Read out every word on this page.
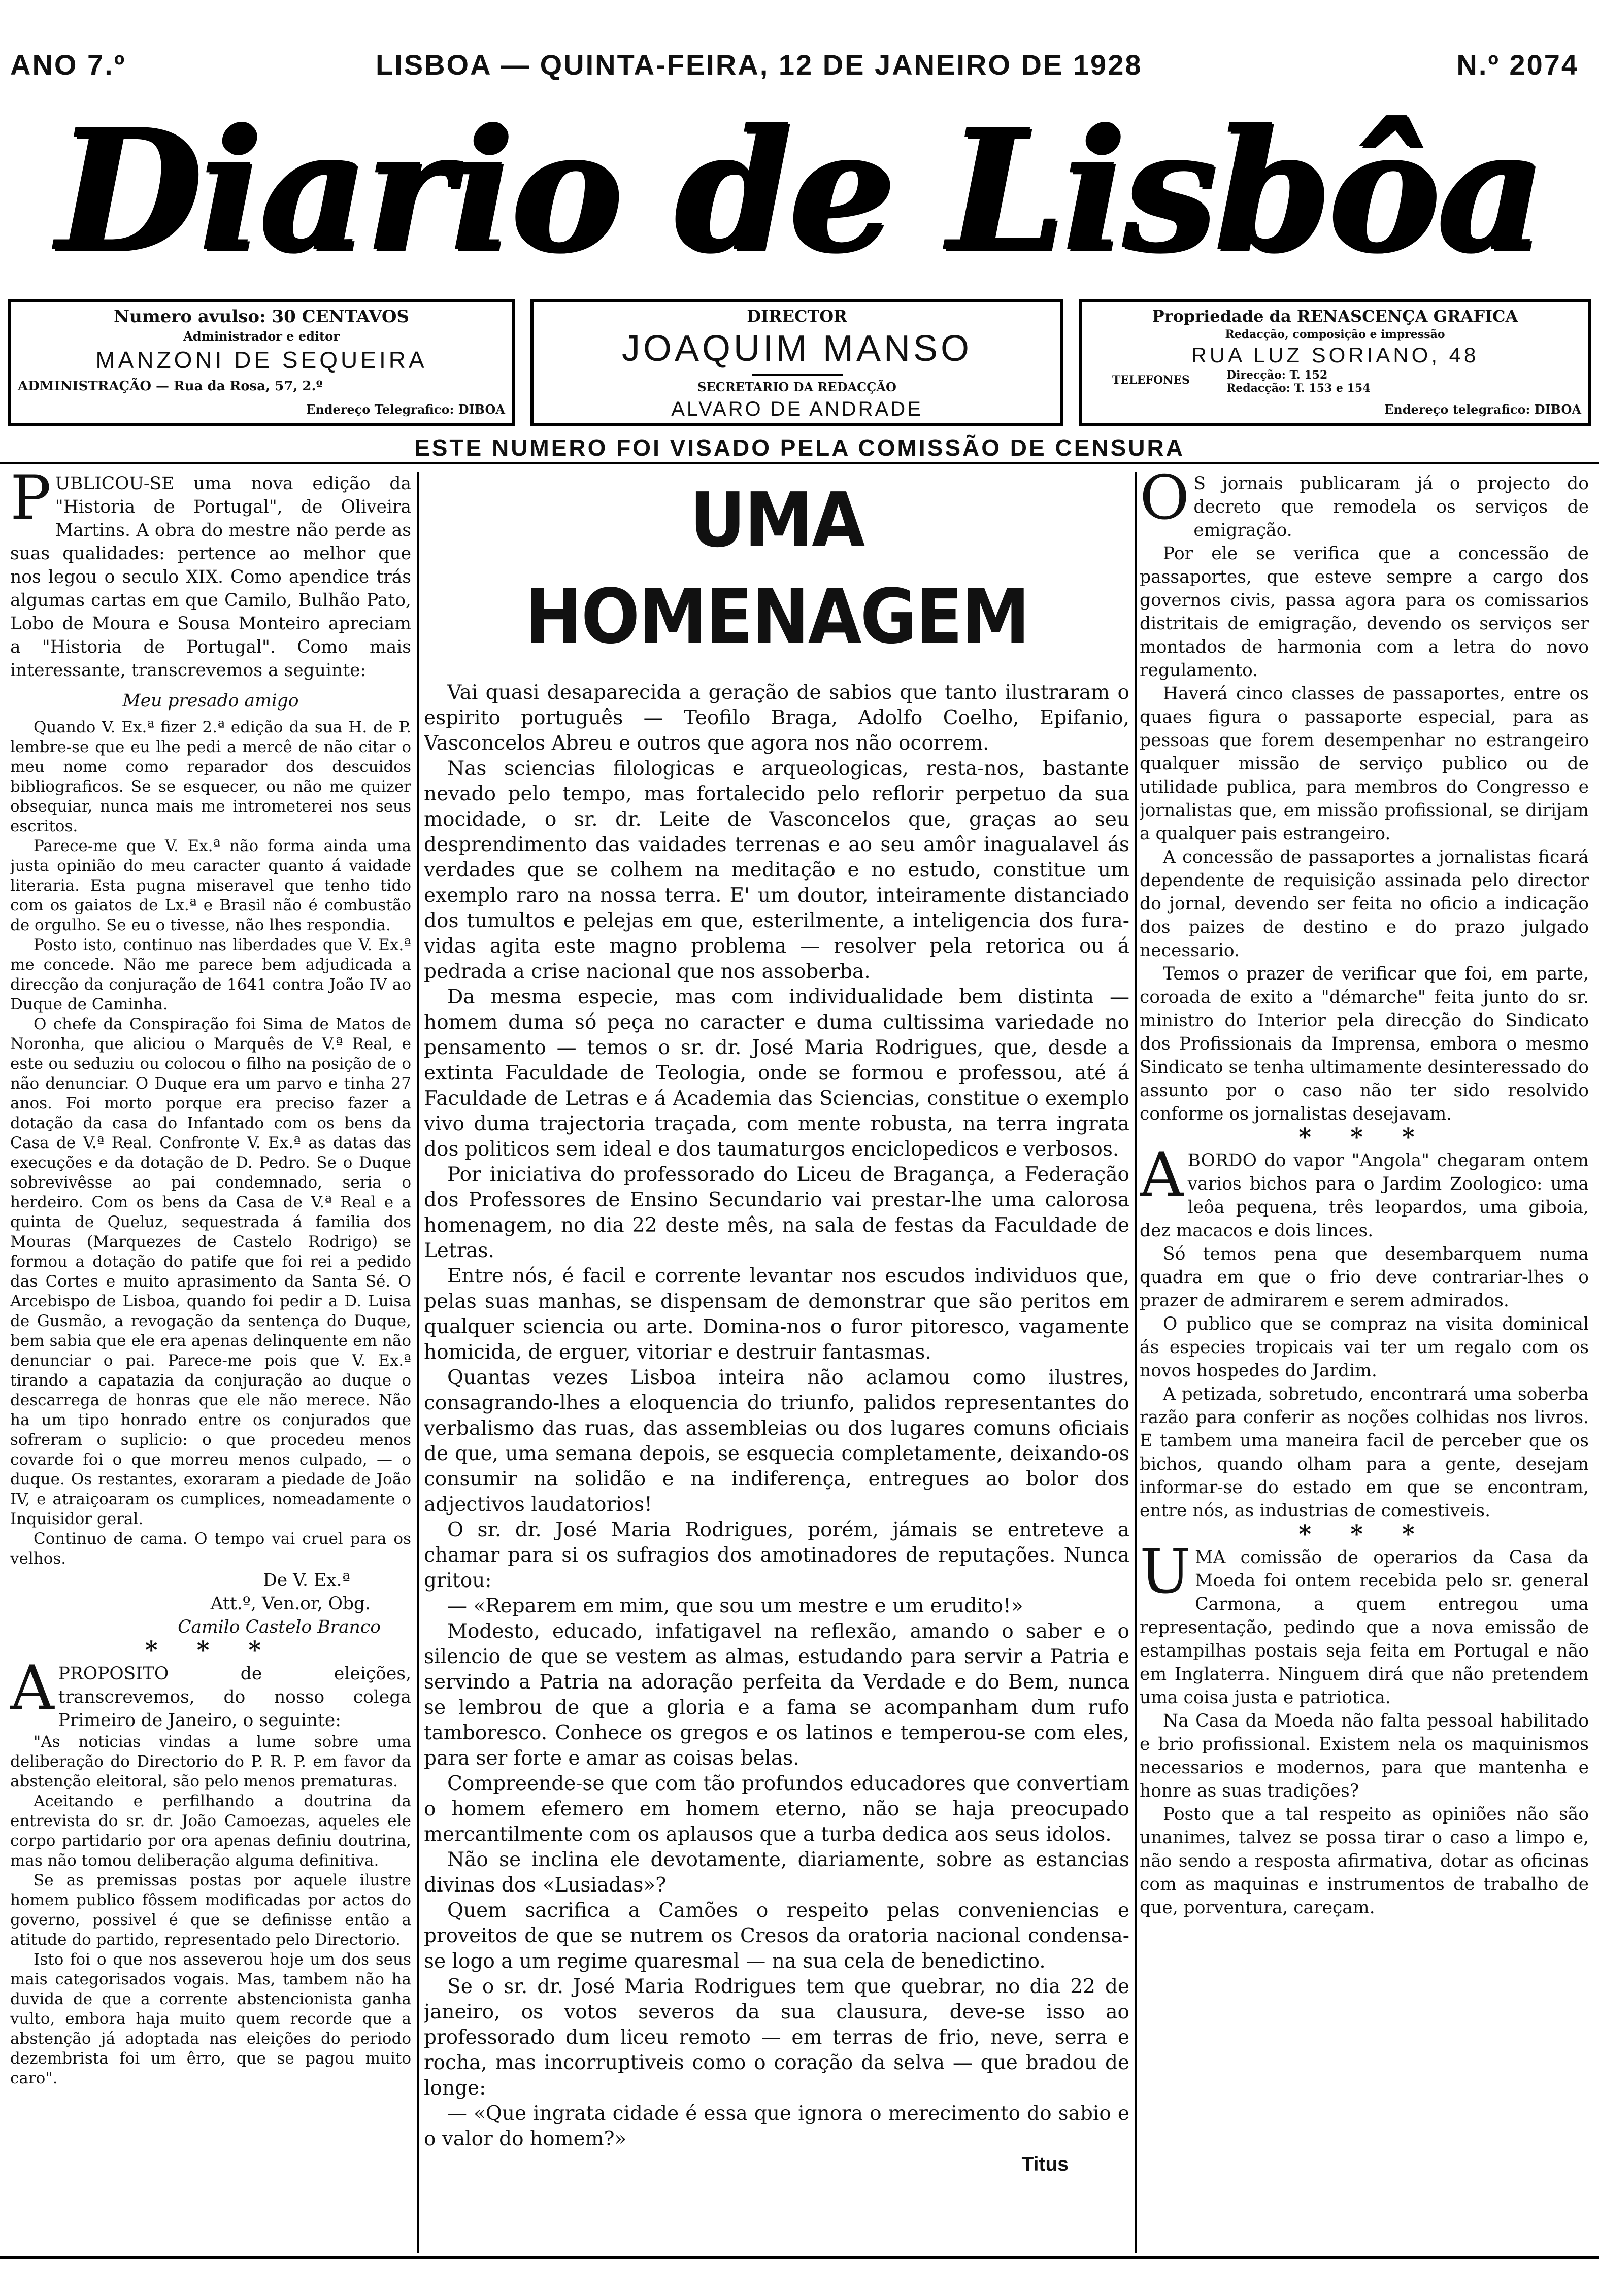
ANO 7.º	LISBOA — QUINTA-FEIRA, 12 DE JANEIRO DE 1928	N.º 2074
Diario de Lisbôa
Numero avulso: 30 CENTAVOS
Administrador e editor
MANZONI DE SEQUEIRA
ADMINISTRAÇÃO — Rua da Rosa, 57, 2.º
Endereço Telegrafico: DIBOA
DIRECTOR
JOAQUIM MANSO
SECRETARIO DA REDACÇÃO
ALVARO DE ANDRADE
Propriedade da RENASCENÇA GRAFICA
Redacção, composição e impressão
RUA LUZ SORIANO, 48
TELEFONES	Direcção: T. 152
Redacção: T. 153 e 154
Endereço telegrafico: DIBOA
ESTE NUMERO FOI VISADO PELA COMISSÃO DE CENSURA

PUBLICOU-SE uma nova edição da "Historia de Portugal", de Oliveira Martins. A obra do mestre não perde as suas qualidades: pertence ao melhor que nos legou o seculo XIX. Como apendice trás algumas cartas em que Camilo, Bulhão Pato, Lobo de Moura e Sousa Monteiro apreciam a "Historia de Portugal". Como mais interessante, transcrevemos a seguinte:

Meu presado amigo

Quando V. Ex.ª fizer 2.ª edição da sua H. de P. lembre-se que eu lhe pedi a mercê de não citar o meu nome como reparador dos descuidos bibliograficos. Se se esquecer, ou não me quizer obsequiar, nunca mais me intrometerei nos seus escritos.

Parece-me que V. Ex.ª não forma ainda uma justa opinião do meu caracter quanto á vaidade literaria. Esta pugna miseravel que tenho tido com os gaiatos de Lx.ª e Brasil não é combustão de orgulho. Se eu o tivesse, não lhes respondia.

Posto isto, continuo nas liberdades que V. Ex.ª me concede. Não me parece bem adjudicada a direcção da conjuração de 1641 contra João IV ao Duque de Caminha.

O chefe da Conspiração foi Sima de Matos de Noronha, que aliciou o Marquês de V.ª Real, e este ou seduziu ou colocou o filho na posição de o não denunciar. O Duque era um parvo e tinha 27 anos. Foi morto porque era preciso fazer a dotação da casa do Infantado com os bens da Casa de V.ª Real. Confronte V. Ex.ª as datas das execuções e da dotação de D. Pedro. Se o Duque sobrevivêsse ao pai condemnado, seria o herdeiro. Com os bens da Casa de V.ª Real e a quinta de Queluz, sequestrada á familia dos Mouras (Marquezes de Castelo Rodrigo) se formou a dotação do patife que foi rei a pedido das Cortes e muito aprasimento da Santa Sé. O Arcebispo de Lisboa, quando foi pedir a D. Luisa de Gusmão, a revogação da sentença do Duque, bem sabia que ele era apenas delinquente em não denunciar o pai. Parece-me pois que V. Ex.ª tirando a capatazia da conjuração ao duque o descarrega de honras que ele não merece. Não ha um tipo honrado entre os conjurados que sofreram o suplicio: o que procedeu menos covarde foi o que morreu menos culpado, — o duque. Os restantes, exoraram a piedade de João IV, e atraiçoaram os cumplices, nomeadamente o Inquisidor geral.

Continuo de cama. O tempo vai cruel para os velhos.

De V. Ex.ª

Att.º, Ven.or, Obg.

Camilo Castelo Branco

* * *

APROPOSITO de eleições, transcrevemos, do nosso colega Primeiro de Janeiro, o seguinte:

"As noticias vindas a lume sobre uma deliberação do Directorio do P. R. P. em favor da abstenção eleitoral, são pelo menos prematuras.

Aceitando e perfilhando a doutrina da entrevista do sr. dr. João Camoezas, aqueles ele corpo partidario por ora apenas definiu doutrina, mas não tomou deliberação alguma definitiva.

Se as premissas postas por aquele ilustre homem publico fôssem modificadas por actos do governo, possivel é que se definisse então a atitude do partido, representado pelo Directorio.

Isto foi o que nos asseverou hoje um dos seus mais categorisados vogais. Mas, tambem não ha duvida de que a corrente abstencionista ganha vulto, embora haja muito quem recorde que a abstenção já adoptada nas eleições do periodo dezembrista foi um êrro, que se pagou muito caro".

UMA HOMENAGEM

Vai quasi desaparecida a geração de sabios que tanto ilustraram o espirito português — Teofilo Braga, Adolfo Coelho, Epifanio, Vasconcelos Abreu e outros que agora nos não ocorrem.

Nas sciencias filologicas e arqueologicas, resta-nos, bastante nevado pelo tempo, mas fortalecido pelo reflorir perpetuo da sua mocidade, o sr. dr. Leite de Vasconcelos que, graças ao seu desprendimento das vaidades terrenas e ao seu amôr inagualavel ás verdades que se colhem na meditação e no estudo, constitue um exemplo raro na nossa terra. E' um doutor, inteiramente distanciado dos tumultos e pelejas em que, esterilmente, a inteligencia dos fura-vidas agita este magno problema — resolver pela retorica ou á pedrada a crise nacional que nos assoberba.

Da mesma especie, mas com individualidade bem distinta — homem duma só peça no caracter e duma cultissima variedade no pensamento — temos o sr. dr. José Maria Rodrigues, que, desde a extinta Faculdade de Teologia, onde se formou e professou, até á Faculdade de Letras e á Academia das Sciencias, constitue o exemplo vivo duma trajectoria traçada, com mente robusta, na terra ingrata dos politicos sem ideal e dos taumaturgos enciclopedicos e verbosos.

Por iniciativa do professorado do Liceu de Bragança, a Federação dos Professores de Ensino Secundario vai prestar-lhe uma calorosa homenagem, no dia 22 deste mês, na sala de festas da Faculdade de Letras.

Entre nós, é facil e corrente levantar nos escudos individuos que, pelas suas manhas, se dispensam de demonstrar que são peritos em qualquer sciencia ou arte. Domina-nos o furor pitoresco, vagamente homicida, de erguer, vitoriar e destruir fantasmas.

Quantas vezes Lisboa inteira não aclamou como ilustres, consagrando-lhes a eloquencia do triunfo, palidos representantes do verbalismo das ruas, das assembleias ou dos lugares comuns oficiais de que, uma semana depois, se esquecia completamente, deixando-os consumir na solidão e na indiferença, entregues ao bolor dos adjectivos laudatorios!

O sr. dr. José Maria Rodrigues, porém, jámais se entreteve a chamar para si os sufragios dos amotinadores de reputações. Nunca gritou:

— «Reparem em mim, que sou um mestre e um erudito!»

Modesto, educado, infatigavel na reflexão, amando o saber e o silencio de que se vestem as almas, estudando para servir a Patria e servindo a Patria na adoração perfeita da Verdade e do Bem, nunca se lembrou de que a gloria e a fama se acompanham dum rufo tamboresco. Conhece os gregos e os latinos e temperou-se com eles, para ser forte e amar as coisas belas.

Compreende-se que com tão profundos educadores que convertiam o homem efemero em homem eterno, não se haja preocupado mercantilmente com os aplausos que a turba dedica aos seus idolos.

Não se inclina ele devotamente, diariamente, sobre as estancias divinas dos «Lusiadas»?

Quem sacrifica a Camões o respeito pelas conveniencias e proveitos de que se nutrem os Cresos da oratoria nacional condensa-se logo a um regime quaresmal — na sua cela de benedictino.

Se o sr. dr. José Maria Rodrigues tem que quebrar, no dia 22 de janeiro, os votos severos da sua clausura, deve-se isso ao professorado dum liceu remoto — em terras de frio, neve, serra e rocha, mas incorruptiveis como o coração da selva — que bradou de longe:

— «Que ingrata cidade é essa que ignora o merecimento do sabio e o valor do homem?»

Titus

O S jornais publicaram já o projecto do decreto que remodela os serviços de emigração.

Por ele se verifica que a concessão de passaportes, que esteve sempre a cargo dos governos civis, passa agora para os comissarios distritais de emigração, devendo os serviços ser montados de harmonia com a letra do novo regulamento.

Haverá cinco classes de passaportes, entre os quaes figura o passaporte especial, para as pessoas que forem desempenhar no estrangeiro qualquer missão de serviço publico ou de utilidade publica, para membros do Congresso e jornalistas que, em missão profissional, se dirijam a qualquer pais estrangeiro.

A concessão de passaportes a jornalistas ficará dependente de requisição assinada pelo director do jornal, devendo ser feita no oficio a indicação dos paizes de destino e do prazo julgado necessario.

Temos o prazer de verificar que foi, em parte, coroada de exito a "démarche" feita junto do sr. ministro do Interior pela direcção do Sindicato dos Profissionais da Imprensa, embora o mesmo Sindicato se tenha ultimamente desinteressado do assunto por o caso não ter sido resolvido conforme os jornalistas desejavam.

* * *

ABORDO do vapor "Angola" chegaram ontem varios bichos para o Jardim Zoologico: uma leôa pequena, três leopardos, uma giboia, dez macacos e dois linces.

Só temos pena que desembarquem numa quadra em que o frio deve contrariar-lhes o prazer de admirarem e serem admirados.

O publico que se compraz na visita dominical ás especies tropicais vai ter um regalo com os novos hospedes do Jardim.

A petizada, sobretudo, encontrará uma soberba razão para conferir as noções colhidas nos livros. E tambem uma maneira facil de perceber que os bichos, quando olham para a gente, desejam informar-se do estado em que se encontram, entre nós, as industrias de comestiveis.

* * *

UMA comissão de operarios da Casa da Moeda foi ontem recebida pelo sr. general Carmona, a quem entregou uma representação, pedindo que a nova emissão de estampilhas postais seja feita em Portugal e não em Inglaterra. Ninguem dirá que não pretendem uma coisa justa e patriotica.

Na Casa da Moeda não falta pessoal habilitado e brio profissional. Existem nela os maquinismos necessarios e modernos, para que mantenha e honre as suas tradições?

Posto que a tal respeito as opiniões não são unanimes, talvez se possa tirar o caso a limpo e, não sendo a resposta afirmativa, dotar as oficinas com as maquinas e instrumentos de trabalho de que, porventura, careçam.
